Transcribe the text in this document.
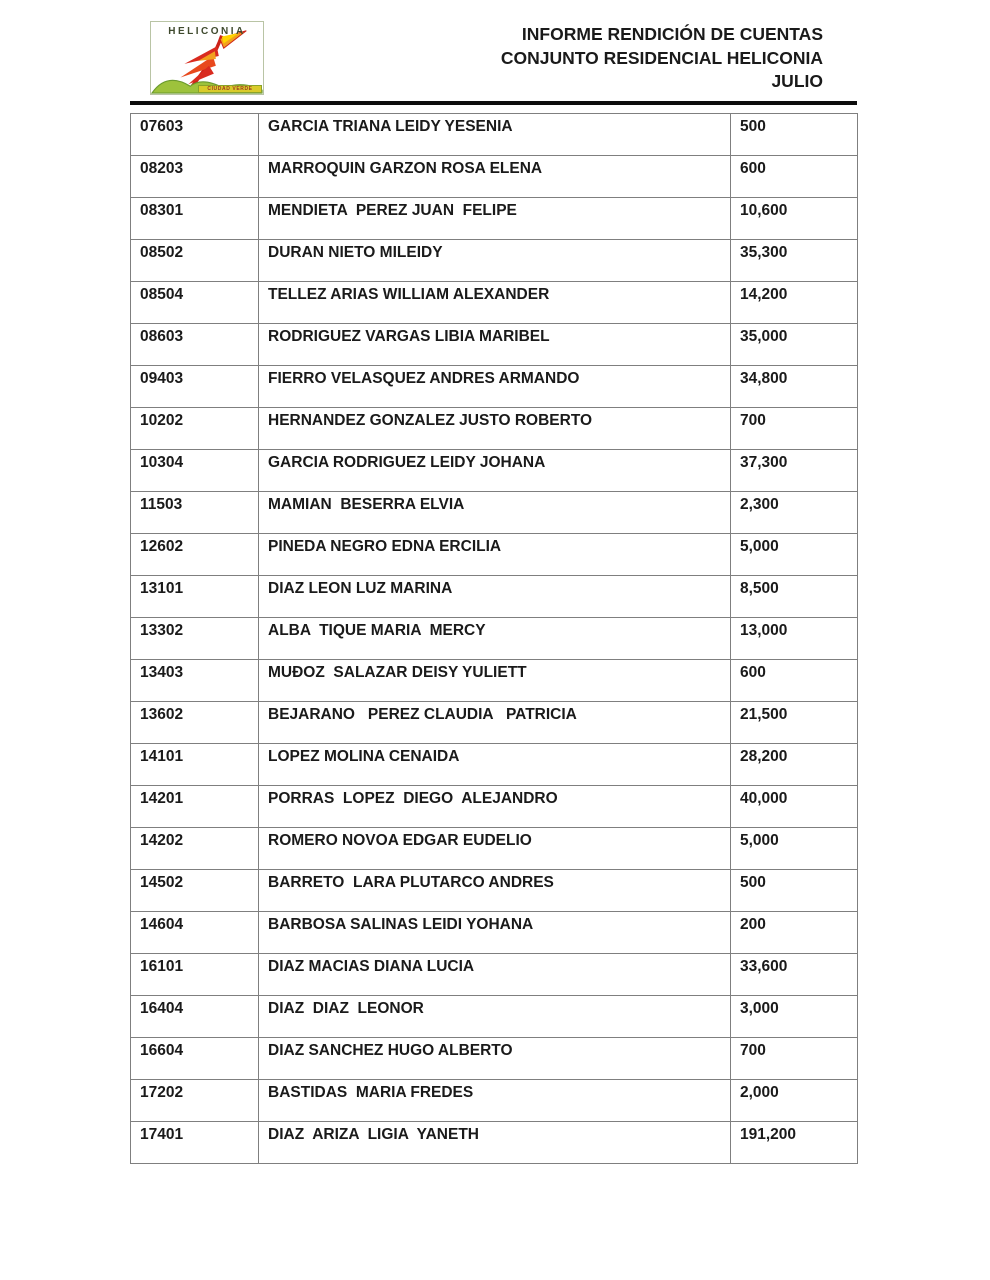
HELICONIA
CIUDAD VERDE
INFORME RENDICIÓN DE CUENTAS
CONJUNTO RESIDENCIAL HELICONIA
JULIO
07603	GARCIA TRIANA LEIDY YESENIA	500
08203	MARROQUIN GARZON ROSA ELENA	600
08301	MENDIETA  PEREZ JUAN  FELIPE	10,600
08502	DURAN NIETO MILEIDY	35,300
08504	TELLEZ ARIAS WILLIAM ALEXANDER	14,200
08603	RODRIGUEZ VARGAS LIBIA MARIBEL	35,000
09403	FIERRO VELASQUEZ ANDRES ARMANDO	34,800
10202	HERNANDEZ GONZALEZ JUSTO ROBERTO	700
10304	GARCIA RODRIGUEZ LEIDY JOHANA	37,300
11503	MAMIAN  BESERRA ELVIA	2,300
12602	PINEDA NEGRO EDNA ERCILIA	5,000
13101	DIAZ LEON LUZ MARINA	8,500
13302	ALBA  TIQUE MARIA  MERCY	13,000
13403	MUĐOZ  SALAZAR DEISY YULIETT	600
13602	BEJARANO   PEREZ CLAUDIA   PATRICIA	21,500
14101	LOPEZ MOLINA CENAIDA	28,200
14201	PORRAS  LOPEZ  DIEGO  ALEJANDRO	40,000
14202	ROMERO NOVOA EDGAR EUDELIO	5,000
14502	BARRETO  LARA PLUTARCO ANDRES	500
14604	BARBOSA SALINAS LEIDI YOHANA	200
16101	DIAZ MACIAS DIANA LUCIA	33,600
16404	DIAZ  DIAZ  LEONOR	3,000
16604	DIAZ SANCHEZ HUGO ALBERTO	700
17202	BASTIDAS  MARIA FREDES	2,000
17401	DIAZ  ARIZA  LIGIA  YANETH	191,200
